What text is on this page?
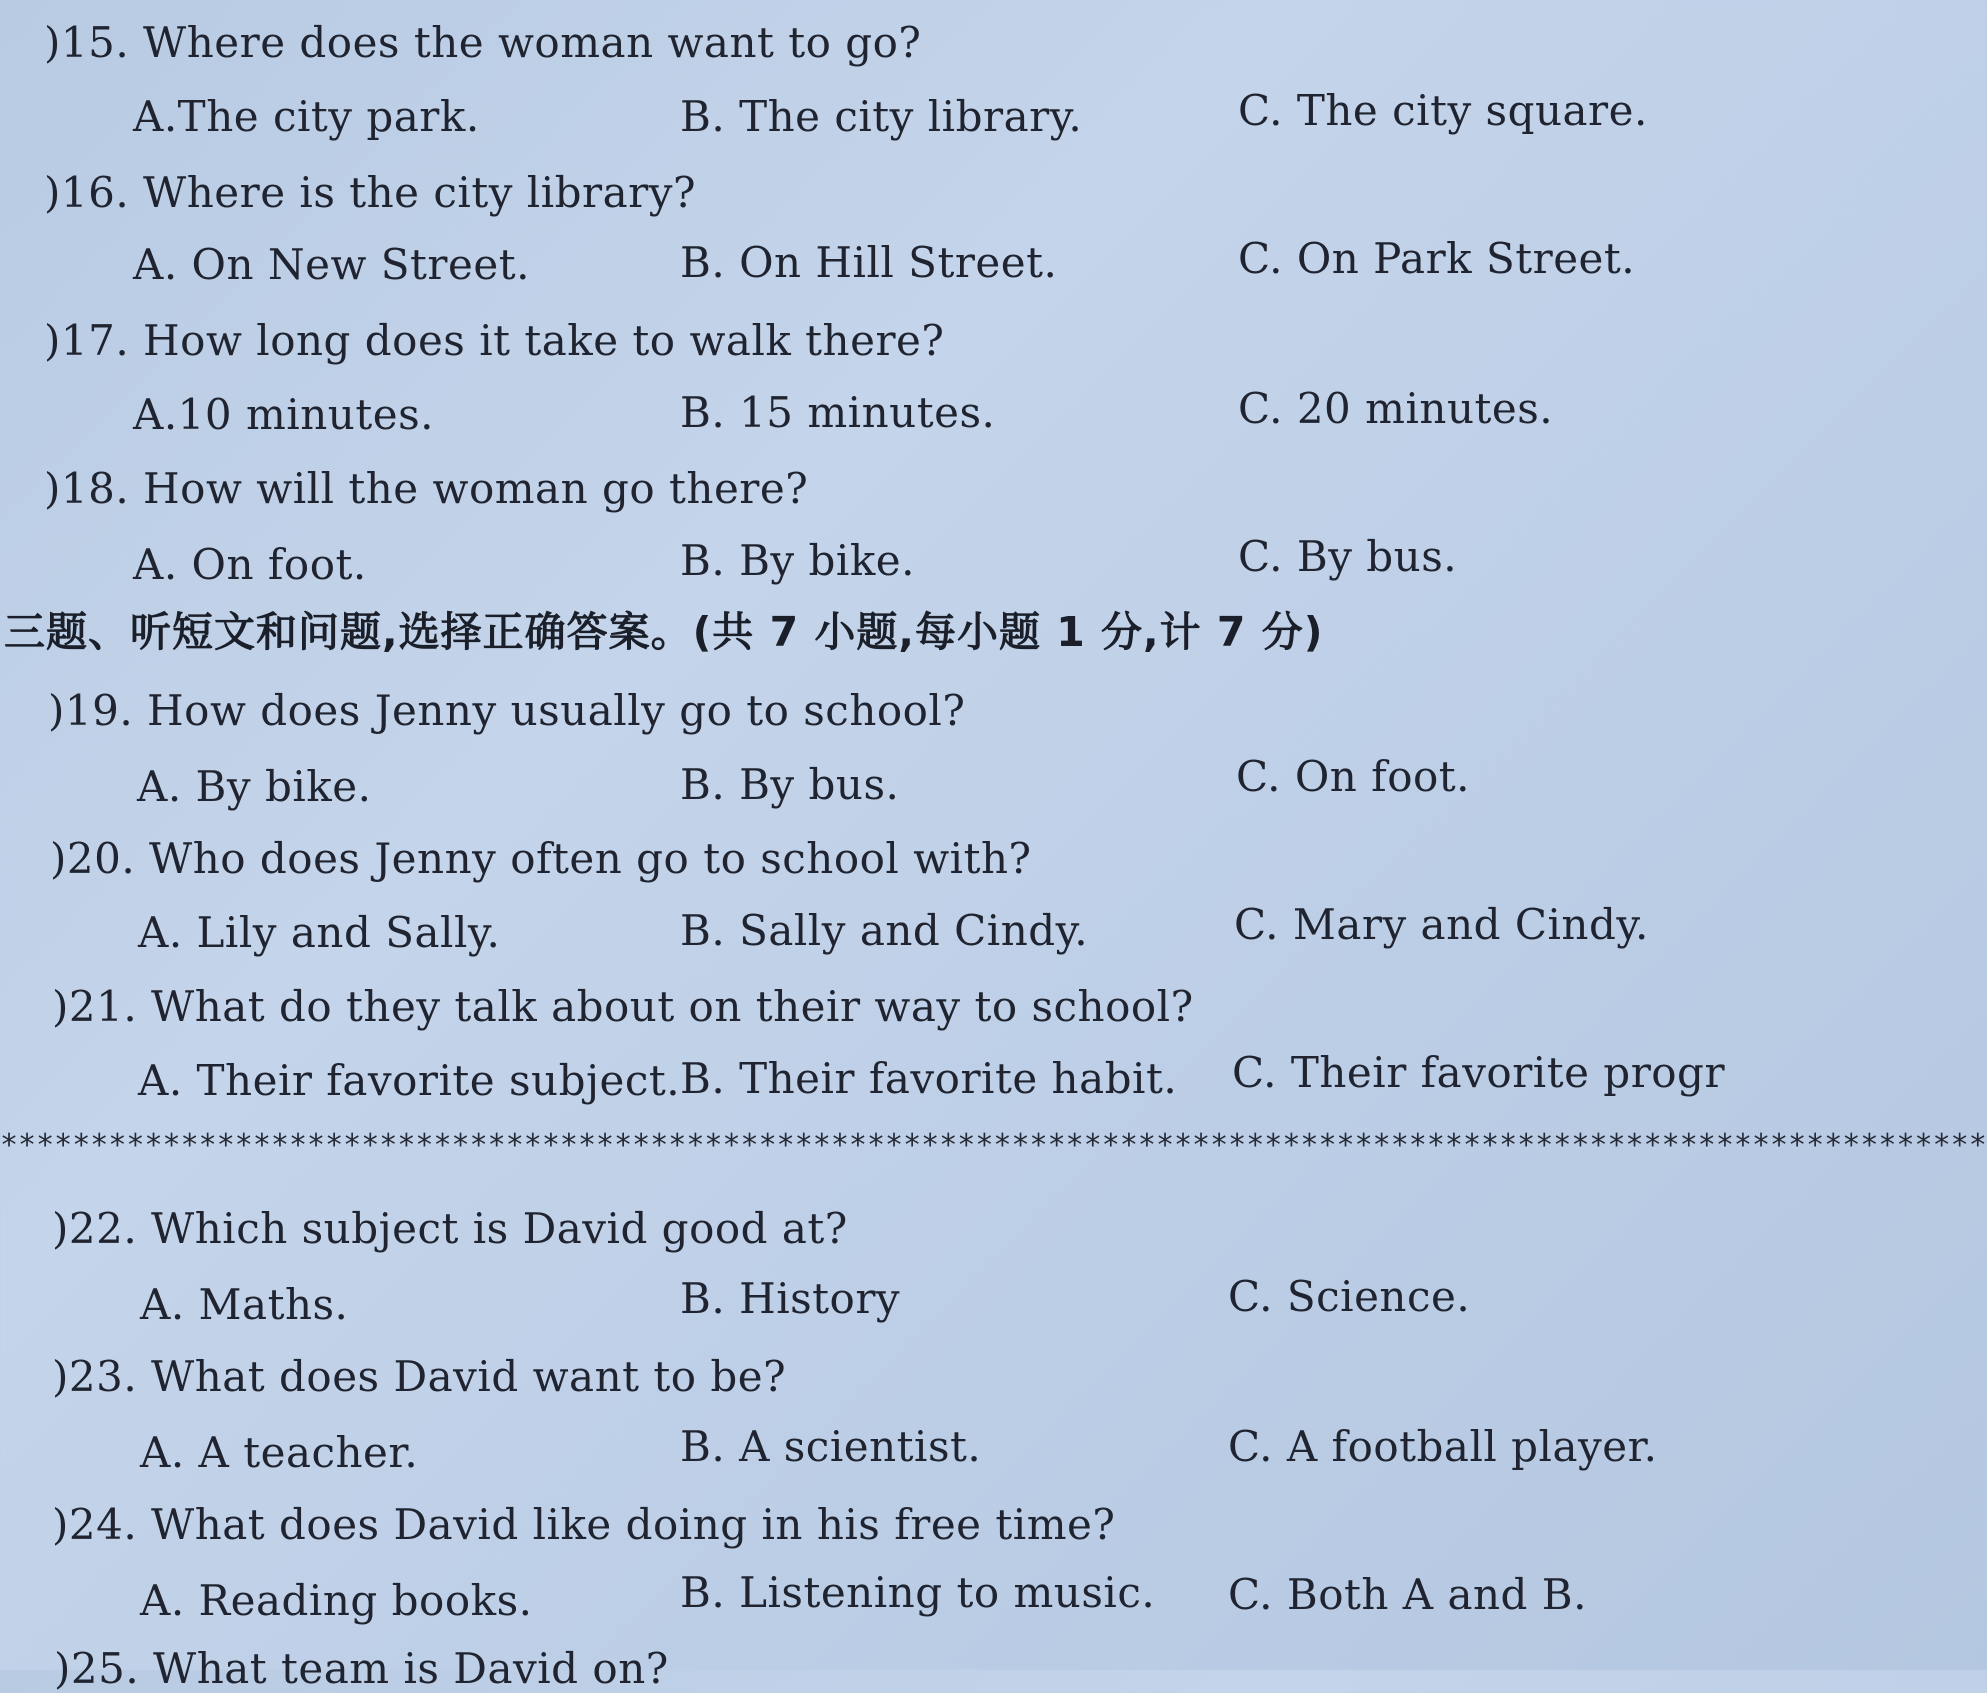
)15. Where does the woman want to go?
A.The city park.	B. The city library.	C. The city square.
)16. Where is the city library?
A. On New Street.	B. On Hill Street.	C. On Park Street.
)17. How long does it take to walk there?
A.10 minutes.	B. 15 minutes.	C. 20 minutes.
)18. How will the woman go there?
A. On foot.	B. By bike.	C. By bus.
三题、听短文和问题,选择正确答案。(共 7 小题,每小题 1 分,计 7 分)
)19. How does Jenny usually go to school?
A. By bike.	B. By bus.	C. On foot.
)20. Who does Jenny often go to school with?
A. Lily and Sally.	B. Sally and Cindy.	C. Mary and Cindy.
)21. What do they talk about on their way to school?
A. Their favorite subject. B. Their favorite habit. C. Their favorite progr
**************************************************************************************************************
)22. Which subject is David good at?
A. Maths.	B. History	C. Science.
)23. What does David want to be?
A. A teacher.	B. A scientist.	C. A football player.
)24. What does David like doing in his free time?
A. Reading books.	B. Listening to music. C. Both A and B.
)25. What team is David on?
